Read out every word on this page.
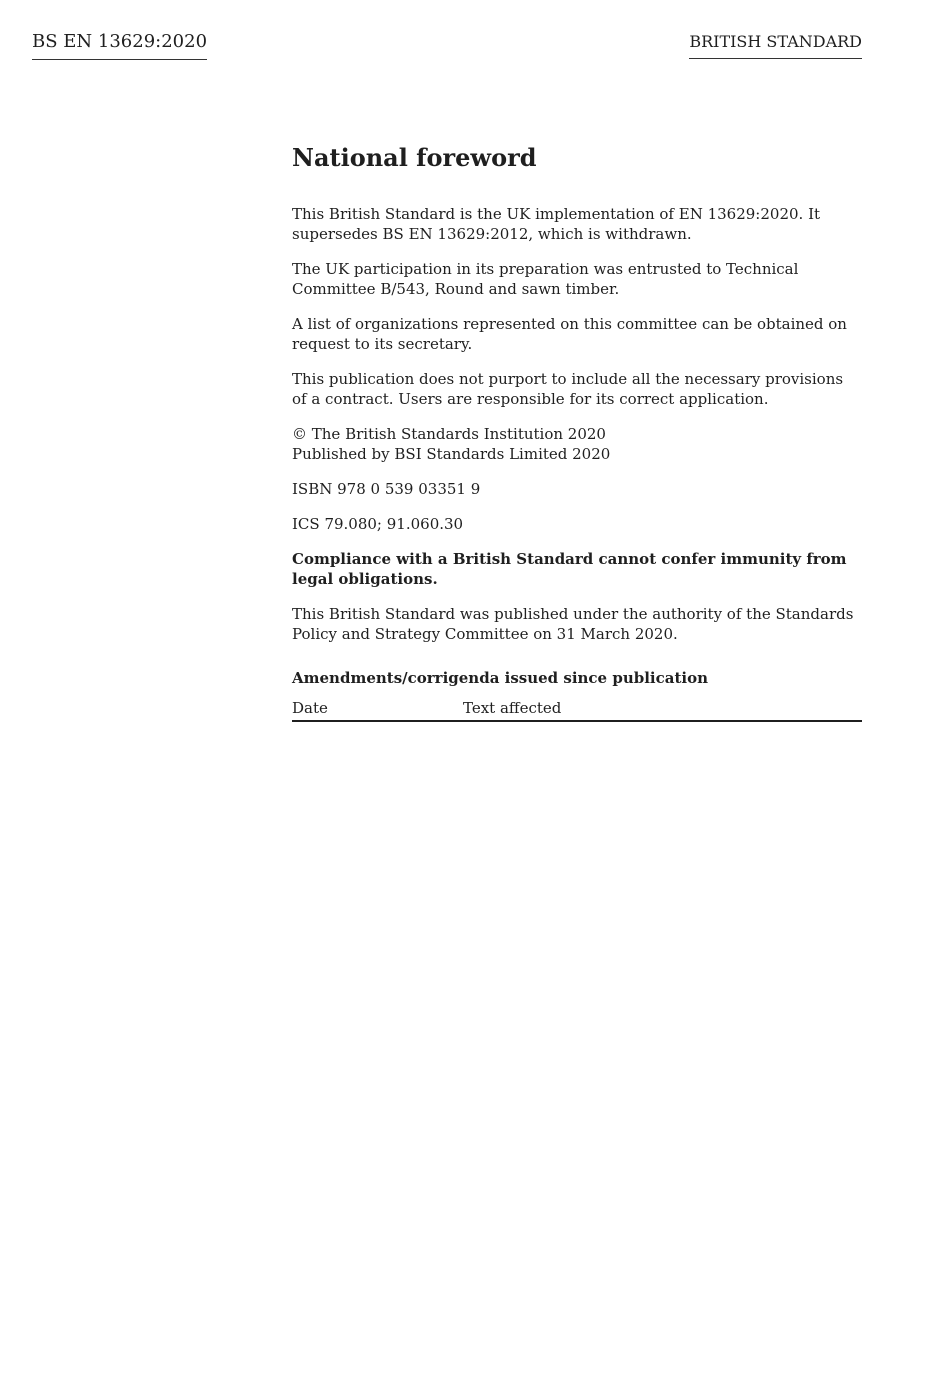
BS EN 13629:2020	BRITISH STANDARD
National foreword

This British Standard is the UK implementation of EN 13629:2020. It supersedes BS EN 13629:2012, which is withdrawn.

The UK participation in its preparation was entrusted to Technical Committee B/543, Round and sawn timber.

A list of organizations represented on this committee can be obtained on request to its secretary.

This publication does not purport to include all the necessary provisions of a contract. Users are responsible for its correct application.

© The British Standards Institution 2020
Published by BSI Standards Limited 2020

ISBN 978 0 539 03351 9

ICS 79.080; 91.060.30

Compliance with a British Standard cannot confer immunity from legal obligations.

This British Standard was published under the authority of the Standards Policy and Strategy Committee on 31 March 2020.

Amendments/corrigenda issued since publication
Date	Text affected
